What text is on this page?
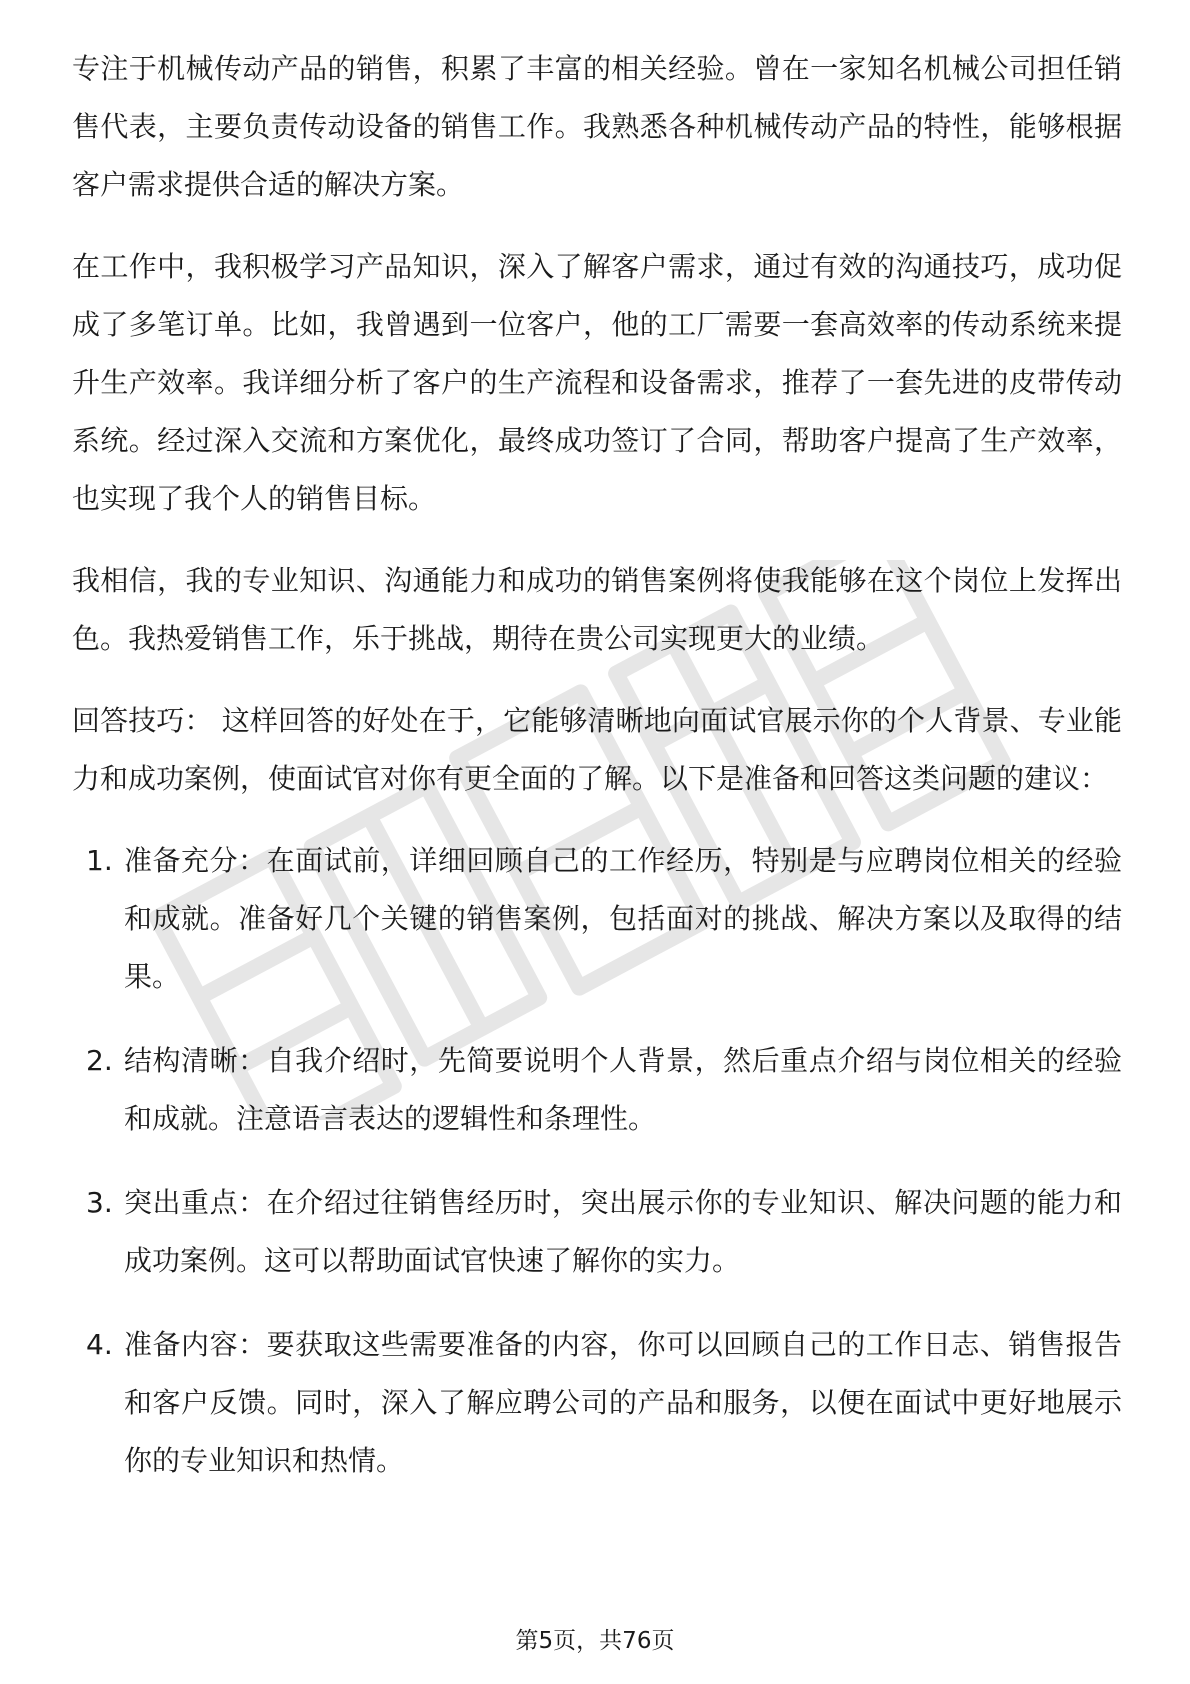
专注于机械传动产品的销售，积累了丰富的相关经验。曾在一家知名机械公司担任销售代表，主要负责传动设备的销售工作。我熟悉各种机械传动产品的特性，能够根据客户需求提供合适的解决方案。

在工作中，我积极学习产品知识，深入了解客户需求，通过有效的沟通技巧，成功促成了多笔订单。比如，我曾遇到一位客户，他的工厂需要一套高效率的传动系统来提升生产效率。我详细分析了客户的生产流程和设备需求，推荐了一套先进的皮带传动系统。经过深入交流和方案优化，最终成功签订了合同，帮助客户提高了生产效率，也实现了我个人的销售目标。

我相信，我的专业知识、沟通能力和成功的销售案例将使我能够在这个岗位上发挥出色。我热爱销售工作，乐于挑战，期待在贵公司实现更大的业绩。

回答技巧： 这样回答的好处在于，它能够清晰地向面试官展示你的个人背景、专业能力和成功案例，使面试官对你有更全面的了解。以下是准备和回答这类问题的建议：

1. 准备充分：在面试前，详细回顾自己的工作经历，特别是与应聘岗位相关的经验和成就。准备好几个关键的销售案例，包括面对的挑战、解决方案以及取得的结果。
2. 结构清晰：自我介绍时，先简要说明个人背景，然后重点介绍与岗位相关的经验和成就。注意语言表达的逻辑性和条理性。
3. 突出重点：在介绍过往销售经历时，突出展示你的专业知识、解决问题的能力和成功案例。这可以帮助面试官快速了解你的实力。
4. 准备内容：要获取这些需要准备的内容，你可以回顾自己的工作日志、销售报告和客户反馈。同时，深入了解应聘公司的产品和服务，以便在面试中更好地展示你的专业知识和热情。
第5页，共76页
